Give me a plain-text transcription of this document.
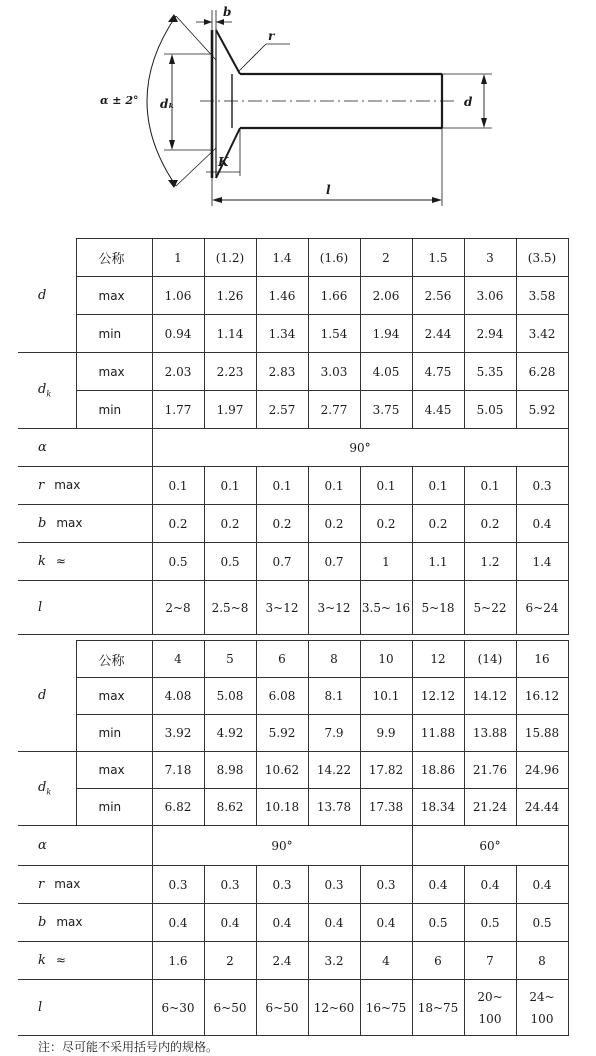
b
r
α ± 2° dₖ	d
K
l
d	公称	1	(1.2)	1.4	(1.6)	2	1.5	3	(3.5)
	max	1.06	1.26	1.46	1.66	2.06	2.56	3.06	3.58
	min	0.94	1.14	1.34	1.54	1.94	2.44	2.94	3.42
$d_k$	max	2.03	2.23	2.83	3.03	4.05	4.75	5.35	6.28
	min	1.77	1.97	2.57	2.77	3.75	4.45	5.05	5.92
α		90°							
r max		0.1	0.1	0.1	0.1	0.1	0.1	0.1	0.3
b max		0.2	0.2	0.2	0.2	0.2	0.2	0.2	0.4
k ≈		0.5	0.5	0.7	0.7	1	1.1	1.2	1.4
l		2~8	2.5~8	3~12	3~12	3.5~ 16	5~18	5~22	6~24
d	公称	4	5	6	8	10	12	(14)	16
	max	4.08	5.08	6.08	8.1	10.1	12.12	14.12	16.12
	min	3.92	4.92	5.92	7.9	9.9	11.88	13.88	15.88
$d_k$	max	7.18	8.98	10.62	14.22	17.82	18.86	21.76	24.96
	min	6.82	8.62	10.18	13.78	17.38	18.34	21.24	24.44
α		90°					60°		
r max		0.3	0.3	0.3	0.3	0.3	0.4	0.4	0.4
b max		0.4	0.4	0.4	0.4	0.4	0.5	0.5	0.5
k ≈		1.6	2	2.4	3.2	4	6	7	8
l		6~30	6~50	6~50	12~60	16~75	18~75	20~ 100	24~ 100
注：尽可能不采用括号内的规格。
